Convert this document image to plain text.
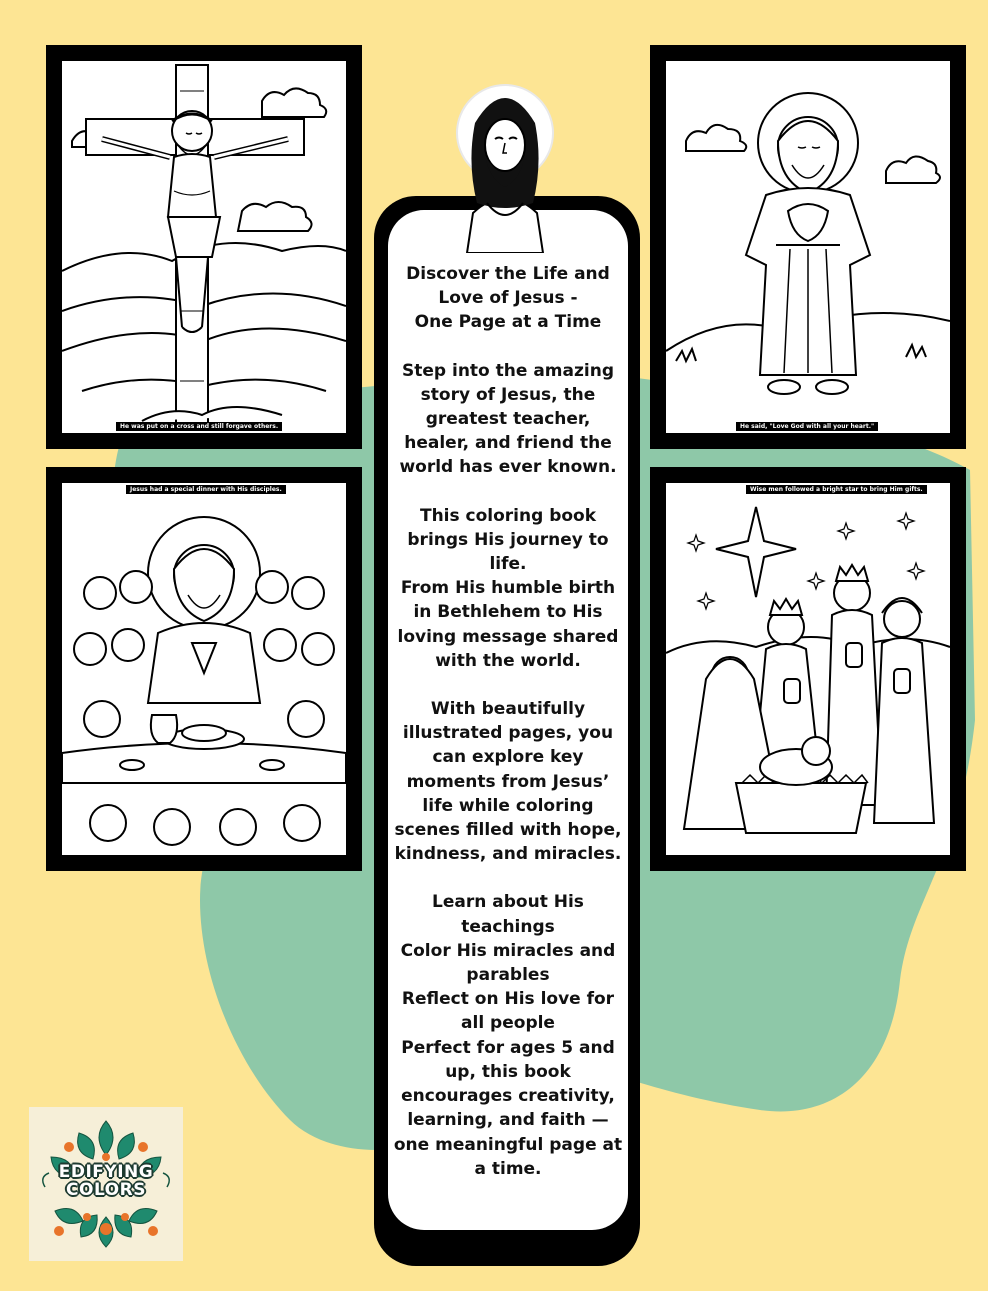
He was put on a cross and still forgave others.	He said, "Love God with all your heart."
Jesus had a special dinner with His disciples.	Wise men followed a bright star to bring Him gifts.
Discover the Life and
Love of Jesus -
One Page at a Time
Step into the amazing
story of Jesus, the
greatest teacher,
healer, and friend the
world has ever known.
This coloring book
brings His journey to
life.
From His humble birth
in Bethlehem to His
loving message shared
with the world.
With beautifully
illustrated pages, you
can explore key
moments from Jesus’
life while coloring
scenes filled with hope,
kindness, and miracles.
Learn about His
teachings
Color His miracles and
parables
Reflect on His love for
all people
Perfect for ages 5 and
up, this book
encourages creativity,
learning, and faith —
one meaningful page at
a time.
EDIFYING
COLORS
